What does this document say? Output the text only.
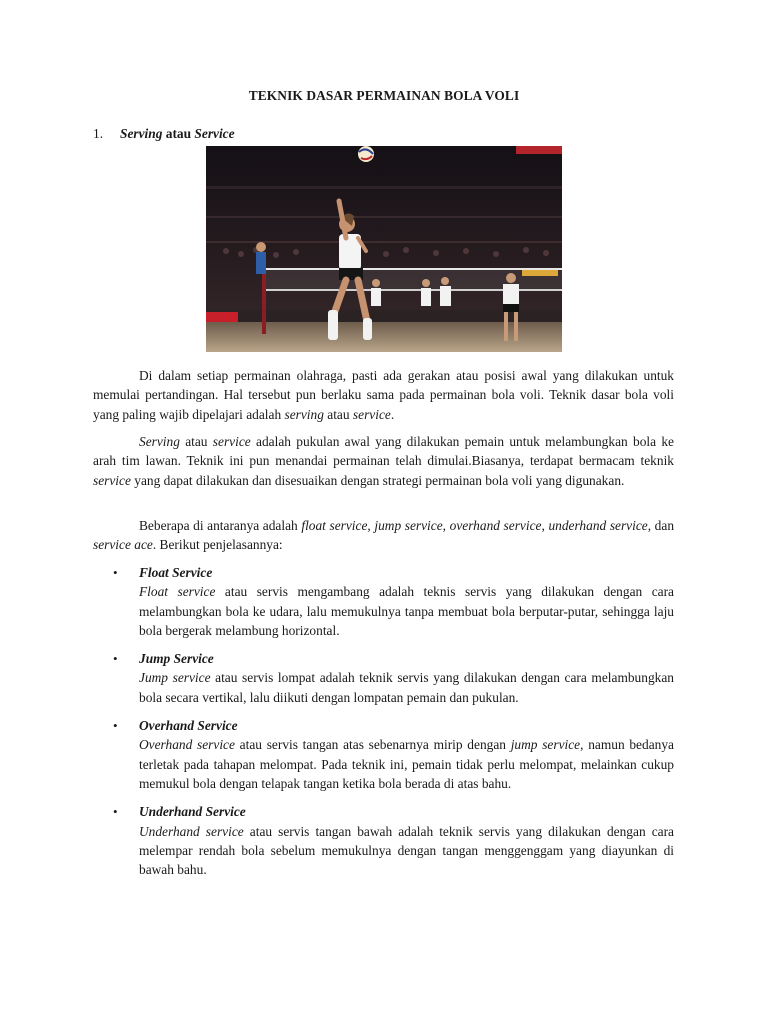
TEKNIK DASAR PERMAINAN BOLA VOLI
1. Serving atau Service

Di dalam setiap permainan olahraga, pasti ada gerakan atau posisi awal yang dilakukan untuk memulai pertandingan. Hal tersebut pun berlaku sama pada permainan bola voli. Teknik dasar bola voli yang paling wajib dipelajari adalah serving atau service.

Serving atau service adalah pukulan awal yang dilakukan pemain untuk melambungkan bola ke arah tim lawan. Teknik ini pun menandai permainan telah dimulai.Biasanya, terdapat bermacam teknik service yang dapat dilakukan dan disesuaikan dengan strategi permainan bola voli yang digunakan.

Beberapa di antaranya adalah float service, jump service, overhand service, underhand service, dan service ace. Berikut penjelasannya:

• Float Service
Float service atau servis mengambang adalah teknis servis yang dilakukan dengan cara melambungkan bola ke udara, lalu memukulnya tanpa membuat bola berputar-putar, sehingga laju bola bergerak melambung horizontal.
• Jump Service
Jump service atau servis lompat adalah teknik servis yang dilakukan dengan cara melambungkan bola secara vertikal, lalu diikuti dengan lompatan pemain dan pukulan.
• Overhand Service
Overhand service atau servis tangan atas sebenarnya mirip dengan jump service, namun bedanya terletak pada tahapan melompat. Pada teknik ini, pemain tidak perlu melompat, melainkan cukup memukul bola dengan telapak tangan ketika bola berada di atas bahu.
• Underhand Service
Underhand service atau servis tangan bawah adalah teknik servis yang dilakukan dengan cara melempar rendah bola sebelum memukulnya dengan tangan menggenggam yang diayunkan di bawah bahu.
